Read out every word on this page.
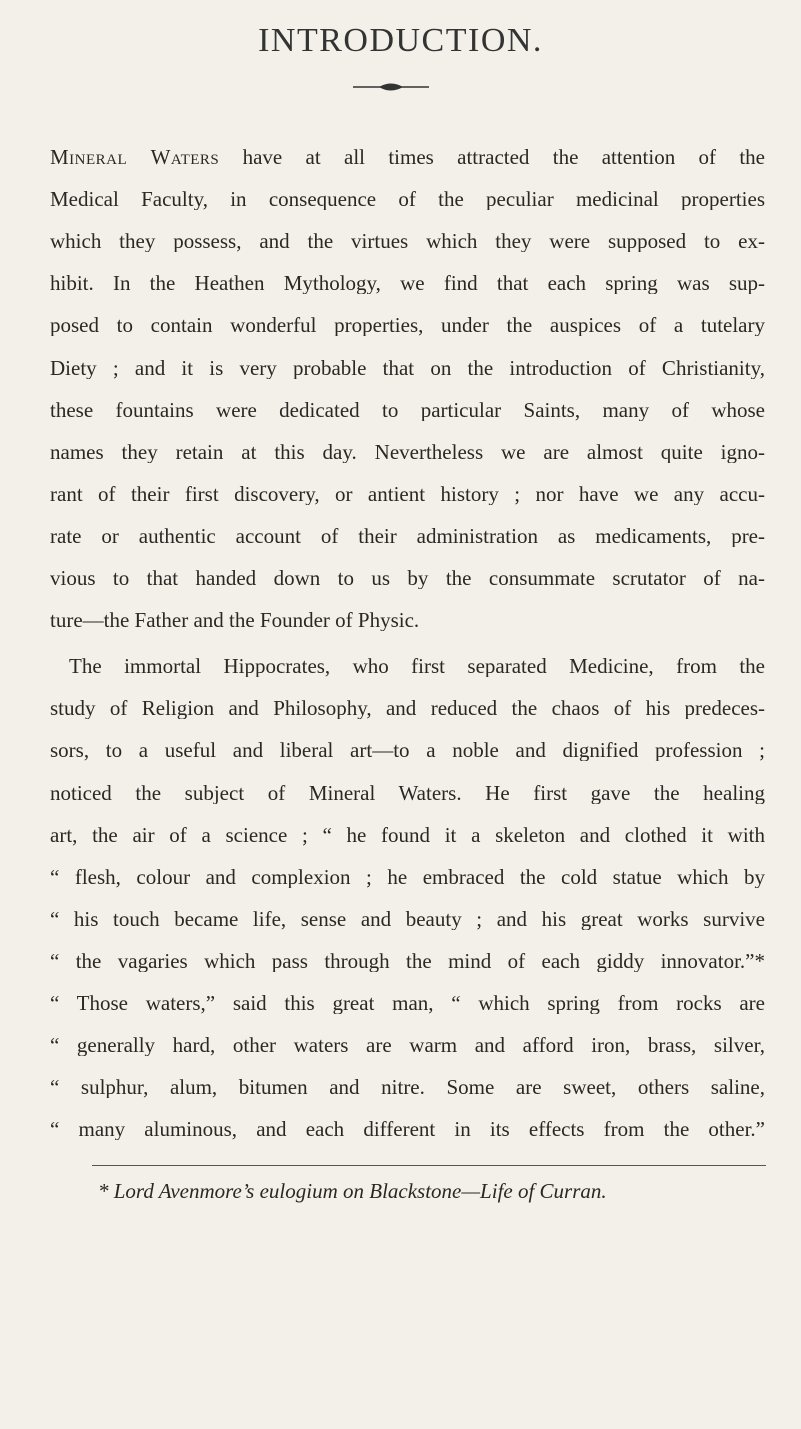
INTRODUCTION.
Mineral Waters have at all times attracted the attention of the
Medical Faculty, in consequence of the peculiar medicinal properties
which they possess, and the virtues which they were supposed to ex-
hibit. In the Heathen Mythology, we find that each spring was sup-
posed to contain wonderful properties, under the auspices of a tutelary
Diety ; and it is very probable that on the introduction of Christianity,
these fountains were dedicated to particular Saints, many of whose
names they retain at this day. Nevertheless we are almost quite igno-
rant of their first discovery, or antient history ; nor have we any accu-
rate or authentic account of their administration as medicaments, pre-
vious to that handed down to us by the consummate scrutator of na-
ture—the Father and the Founder of Physic.
The immortal Hippocrates, who first separated Medicine, from the
study of Religion and Philosophy, and reduced the chaos of his predeces-
sors, to a useful and liberal art—to a noble and dignified profession ;
noticed the subject of Mineral Waters. He first gave the healing
art, the air of a science ; “ he found it a skeleton and clothed it with
“ flesh, colour and complexion ; he embraced the cold statue which by
“ his touch became life, sense and beauty ; and his great works survive
“ the vagaries which pass through the mind of each giddy innovator.”*
“ Those waters,” said this great man, “ which spring from rocks are
“ generally hard, other waters are warm and afford iron, brass, silver,
“ sulphur, alum, bitumen and nitre. Some are sweet, others saline,
“ many aluminous, and each different in its effects from the other.”
* Lord Avenmore’s eulogium on Blackstone—Life of Curran.
